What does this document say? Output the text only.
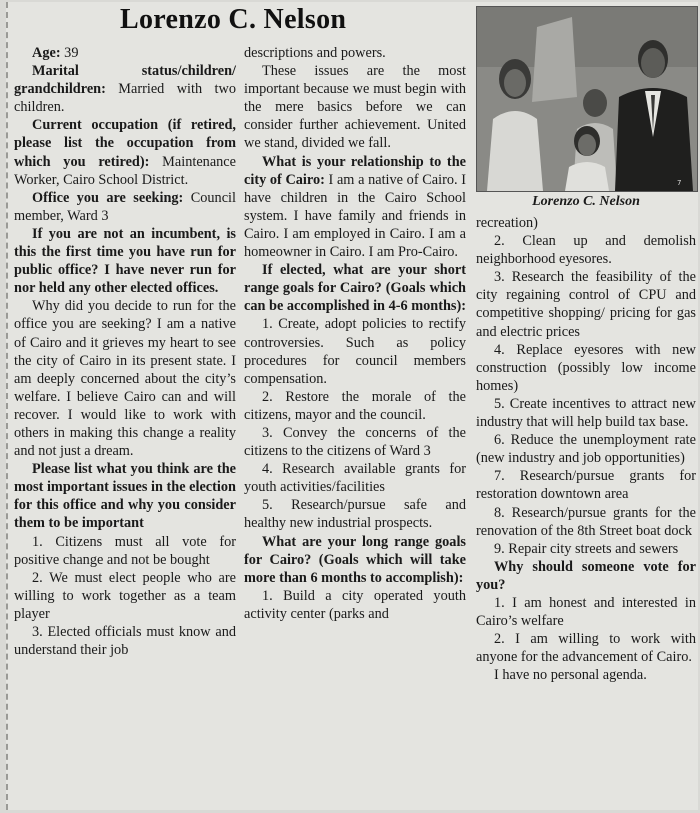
Lorenzo C. Nelson
7
Lorenzo C. Nelson

Age: 39

Marital status/children/ grandchildren: Married with two children.

Current occupation (if retired, please list the occupation from which you retired): Maintenance Worker, Cairo School District.

Office you are seeking: Council member, Ward 3

If you are not an incumbent, is this the first time you have run for public office? I have never run for nor held any other elected offices.

Why did you decide to run for the office you are seeking? I am a native of Cairo and it grieves my heart to see the city of Cairo in its present state. I am deeply concerned about the city’s welfare. I believe Cairo can and will recover. I would like to work with others in making this change a reality and not just a dream.

Please list what you think are the most important issues in the election for this office and why you consider them to be important

1. Citizens must all vote for positive change and not be bought

2. We must elect people who are willing to work together as a team player

3. Elected officials must know and understand their job

descriptions and powers.

These issues are the most important because we must begin with the mere basics before we can consider further achievement. United we stand, divided we fall.

What is your relationship to the city of Cairo: I am a native of Cairo. I have children in the Cairo School system. I have family and friends in Cairo. I am employed in Cairo. I am a homeowner in Cairo. I am Pro-Cairo.

If elected, what are your short range goals for Cairo? (Goals which can be accomplished in 4-6 months):

1. Create, adopt policies to rectify controversies. Such as policy procedures for council members compensation.

2. Restore the morale of the citizens, mayor and the council.

3. Convey the concerns of the citizens to the citizens of Ward 3

4. Research available grants for youth activities/facilities

5. Research/pursue safe and healthy new industrial prospects.

What are your long range goals for Cairo? (Goals which will take more than 6 months to accomplish):

1. Build a city operated youth activity center (parks and

recreation)

2. Clean up and demolish neighborhood eyesores.

3. Research the feasibility of the city regaining control of CPU and competitive shopping/ pricing for gas and electric prices

4. Replace eyesores with new construction (possibly low income homes)

5. Create incentives to attract new industry that will help build tax base.

6. Reduce the unemployment rate (new industry and job opportunities)

7. Research/pursue grants for restoration downtown area

8. Research/pursue grants for the renovation of the 8th Street boat dock

9. Repair city streets and sewers

Why should someone vote for you?

1. I am honest and interested in Cairo’s welfare

2. I am willing to work with anyone for the advancement of Cairo.

I have no personal agenda.
